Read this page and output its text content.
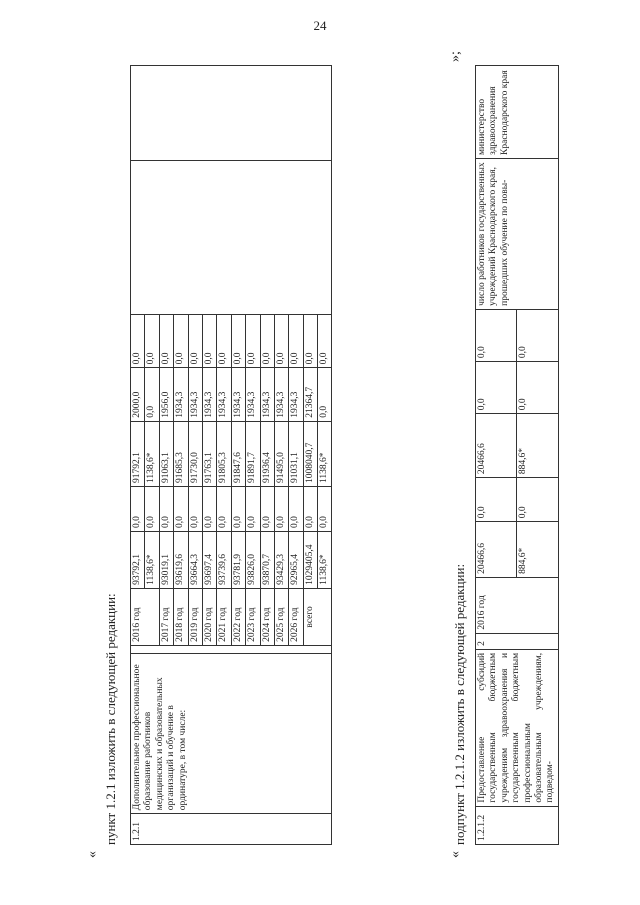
24
«
пункт 1.2.1 изложить в следующей редакции: 1.2.1	Дополнительное профессиональное образование работников медицинских и образовательных организаций и обучение в ординатуре, в том числе:		2016 год	93792,1	0,0	91792,1	2000,0	0,0		
				1138,6*	0,0	1138,6*	0,0	0,0		
			2017 год	93019,1	0,0	91063,1	1956,0	0,0		
			2018 год	93619,6	0,0	91685,3	1934,3	0,0		
			2019 год	93664,3	0,0	91730,0	1934,3	0,0		
			2020 год	93697,4	0,0	91763,1	1934,3	0,0		
			2021 год	93739,6	0,0	91805,3	1934,3	0,0		
			2022 год	93781,9	0,0	91847,6	1934,3	0,0		
			2023 год	93826,0	0,0	91891,7	1934,3	0,0		
			2024 год	93870,7	0,0	91936,4	1934,3	0,0		
			2025 год	93429,3	0,0	91495,0	1934,3	0,0		
			2026 год	92965,4	0,0	91031,1	1934,3	0,0		
			всего	1029405,4	0,0	1008040,7	21364,7	0,0		
				1138,6*	0,0	1138,6*	0,0	0,0		
»;
«
подпункт 1.2.1.2 изложить в следующей редакции: 1.2.1.2	Предоставление субсидий государственным бюджетным учреждениям здравоохранения и государственным бюджетным профессиональным образовательным учреждениям, подведом-	2	2016 год	20466,6	0,0	20466,6	0,0	0,0	число работников государственных учреждений Краснодарского края, прошедших обучение по повы-	министерство здравоохранения Краснодарского края
				884,6*	0,0	884,6*	0,0	0,0		
